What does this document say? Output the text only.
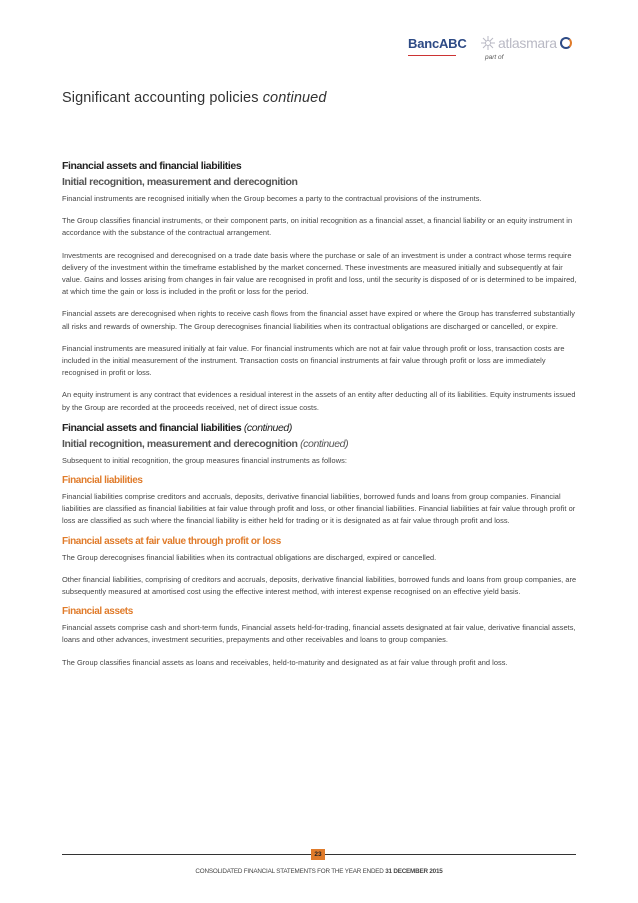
BancABC atlasmara
part of
Significant accounting policies continued
Financial assets and financial liabilities
Initial recognition, measurement and derecognition

Financial instruments are recognised initially when the Group becomes a party to the contractual provisions of the instruments.

The Group classifies financial instruments, or their component parts, on initial recognition as a financial asset, a financial liability or an equity instrument in accordance with the substance of the contractual arrangement.

Investments are recognised and derecognised on a trade date basis where the purchase or sale of an investment is under a contract whose terms require delivery of the investment within the timeframe established by the market concerned. These investments are measured initially and subsequently at fair value. Gains and losses arising from changes in fair value are recognised in profit and loss, until the security is disposed of or is determined to be impaired, at which time the gain or loss is included in the profit or loss for the period.

Financial assets are derecognised when rights to receive cash flows from the financial asset have expired or where the Group has transferred substantially all risks and rewards of ownership. The Group derecognises financial liabilities when its contractual obligations are discharged or cancelled, or expire.

Financial instruments are measured initially at fair value. For financial instruments which are not at fair value through profit or loss, transaction costs are included in the initial measurement of the instrument. Transaction costs on financial instruments at fair value through profit or loss are immediately recognised in profit or loss.

An equity instrument is any contract that evidences a residual interest in the assets of an entity after deducting all of its liabilities. Equity instruments issued by the Group are recorded at the proceeds received, net of direct issue costs.

Financial assets and financial liabilities (continued)
Initial recognition, measurement and derecognition (continued)

Subsequent to initial recognition, the group measures financial instruments as follows:

Financial liabilities

Financial liabilities comprise creditors and accruals, deposits, derivative financial liabilities, borrowed funds and loans from group companies. Financial liabilities are classified as financial liabilities at fair value through profit and loss, or other financial liabilities. Financial liabilities at fair value through profit or loss are classified as such where the financial liability is either held for trading or it is designated as at fair value through profit and loss.

Financial assets at fair value through profit or loss

The Group derecognises financial liabilities when its contractual obligations are discharged, expired or cancelled.

Other financial liabilities, comprising of creditors and accruals, deposits, derivative financial liabilities, borrowed funds and loans from group companies, are subsequently measured at amortised cost using the effective interest method, with interest expense recognised on an effective yield basis.

Financial assets

Financial assets comprise cash and short-term funds, Financial assets held-for-trading, financial assets designated at fair value, derivative financial assets, loans and other advances, investment securities, prepayments and other receivables and loans to group companies.

The Group classifies financial assets as loans and receivables, held-to-maturity and designated as at fair value through profit and loss.

23
CONSOLIDATED FINANCIAL STATEMENTS FOR THE YEAR ENDED 31 DECEMBER 2015
